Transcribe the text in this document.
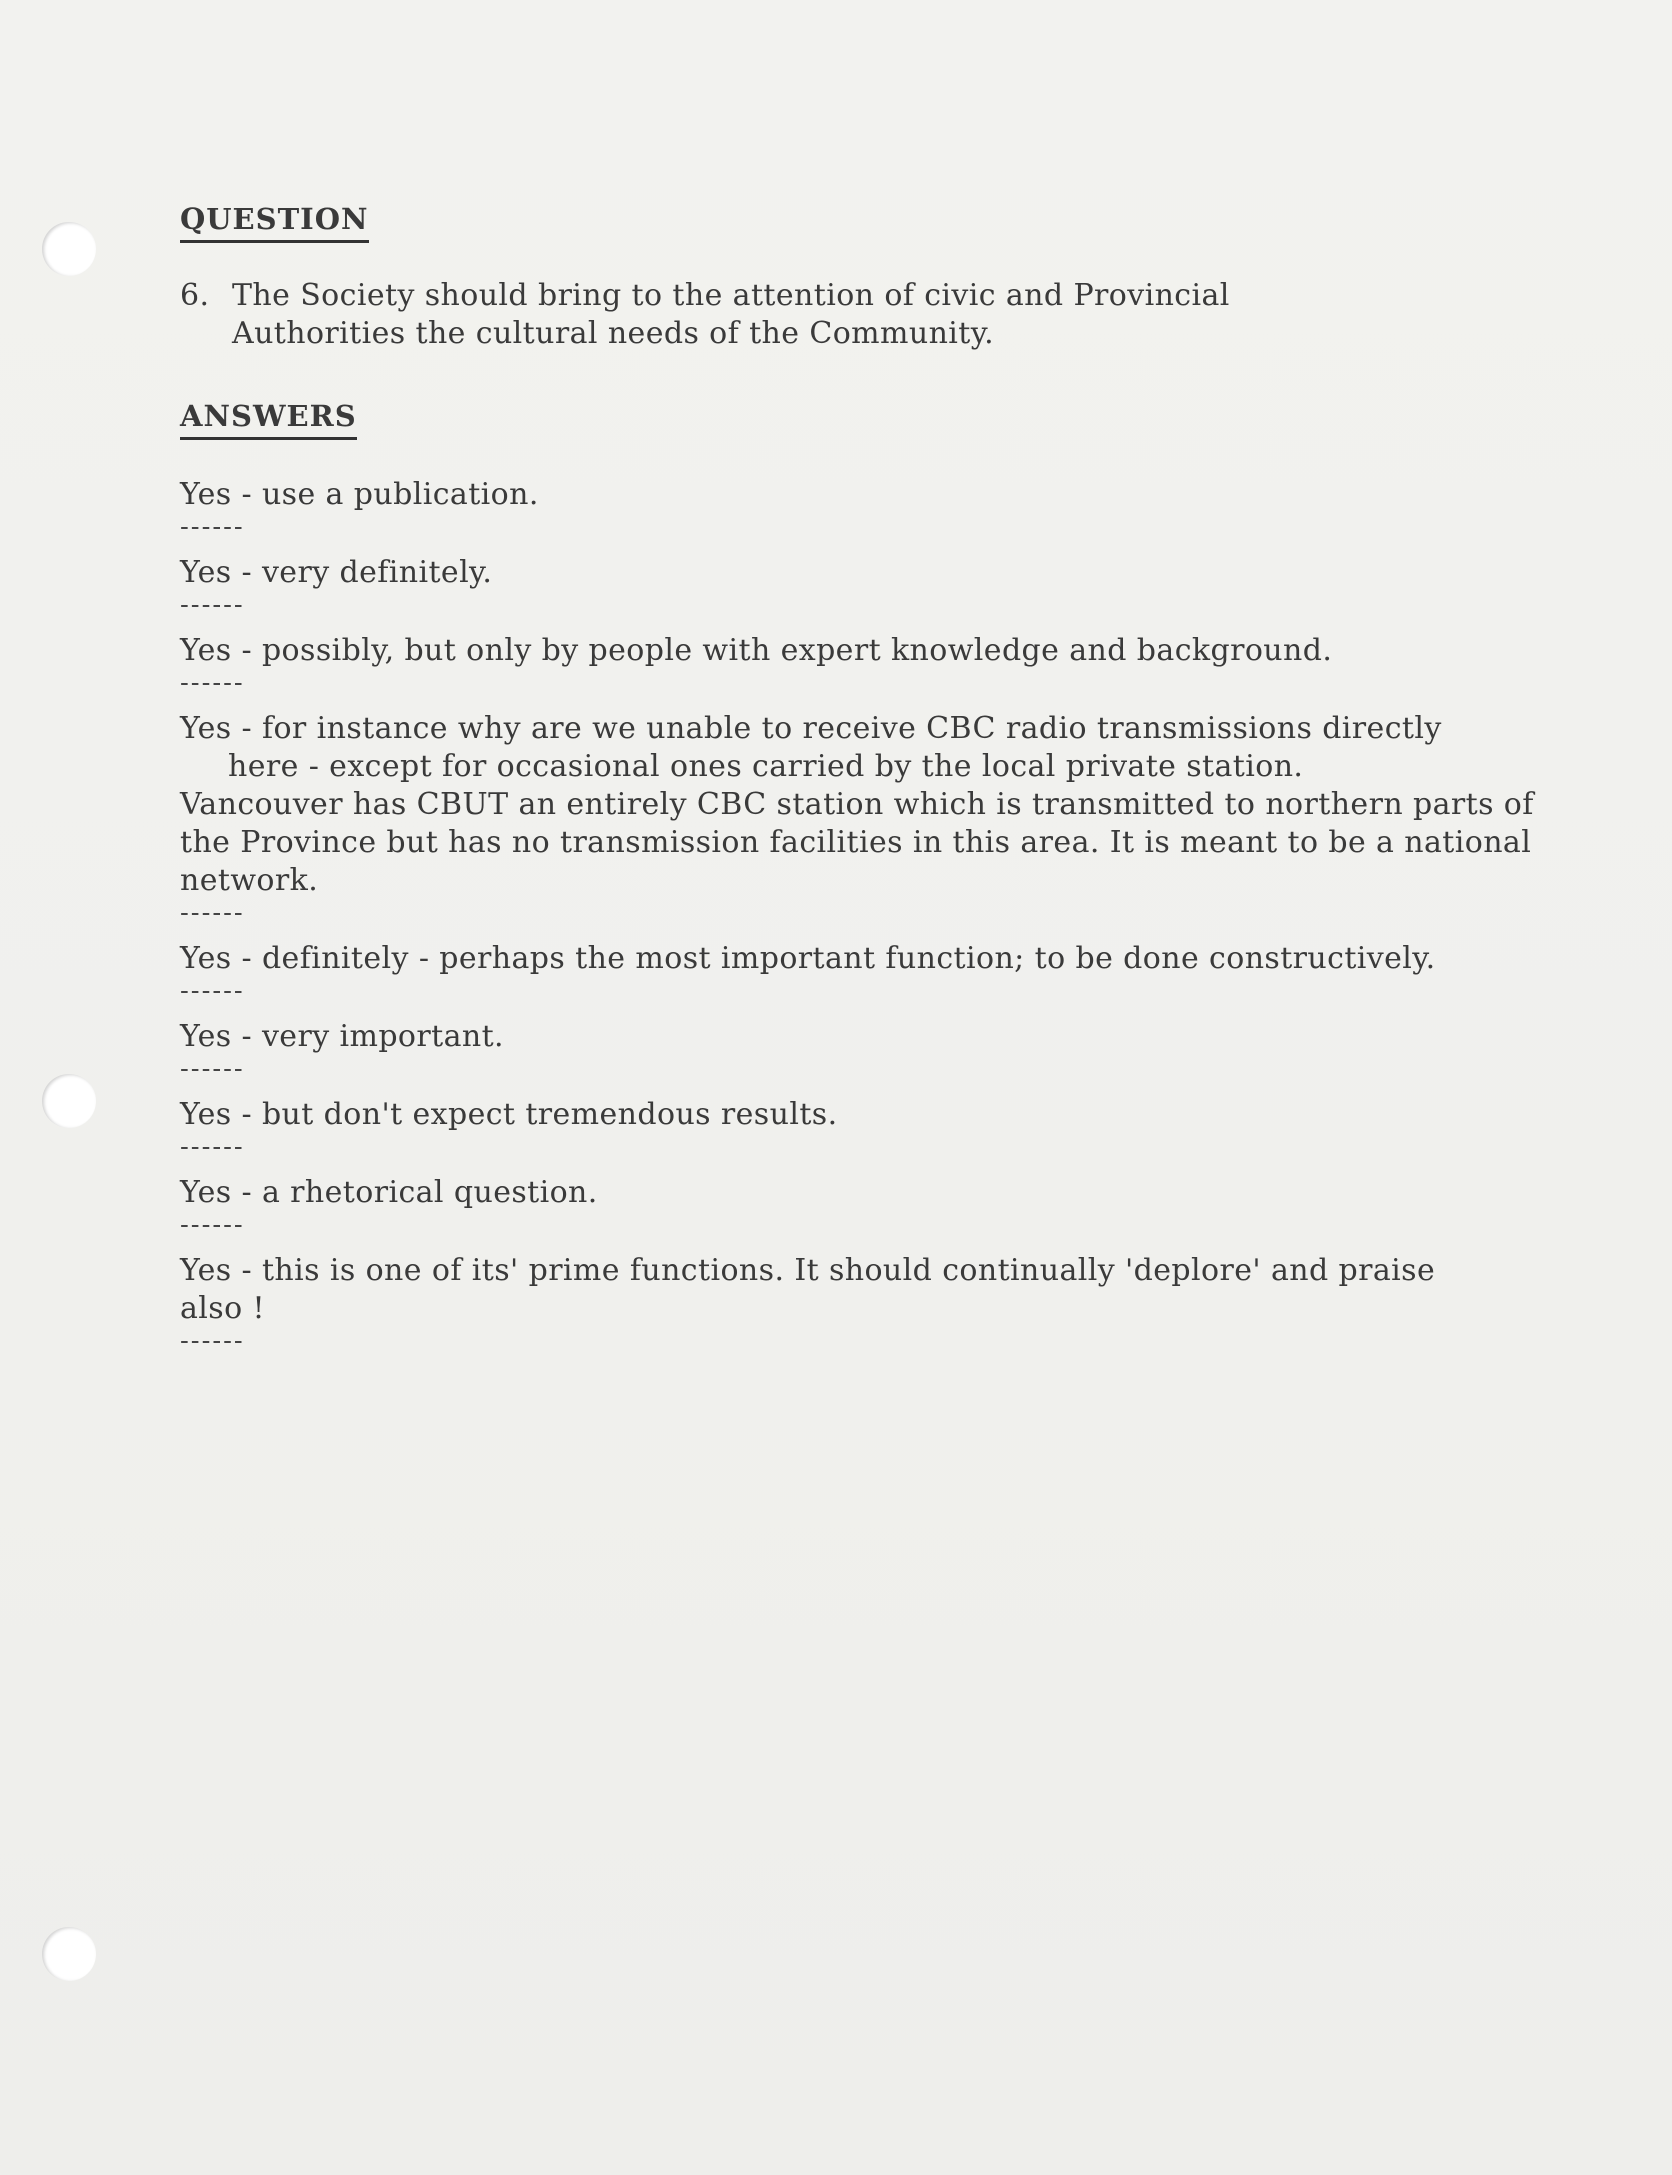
QUESTION
6. The Society should bring to the attention of civic and Provincial Authorities the cultural needs of the Community.
ANSWERS
Yes - use a publication.
------
Yes - very definitely.
------
Yes - possibly, but only by people with expert knowledge and background.
------
Yes - for instance why are we unable to receive CBC radio transmissions directly
here - except for occasional ones carried by the local private station.
Vancouver has CBUT an entirely CBC station which is transmitted to northern parts of the Province but has no transmission facilities in this area. It is meant to be a national network.
------
Yes - definitely - perhaps the most important function; to be done constructively.
------
Yes - very important.
------
Yes - but don't expect tremendous results.
------
Yes - a rhetorical question.
------
Yes - this is one of its' prime functions. It should continually 'deplore' and praise also !
------
